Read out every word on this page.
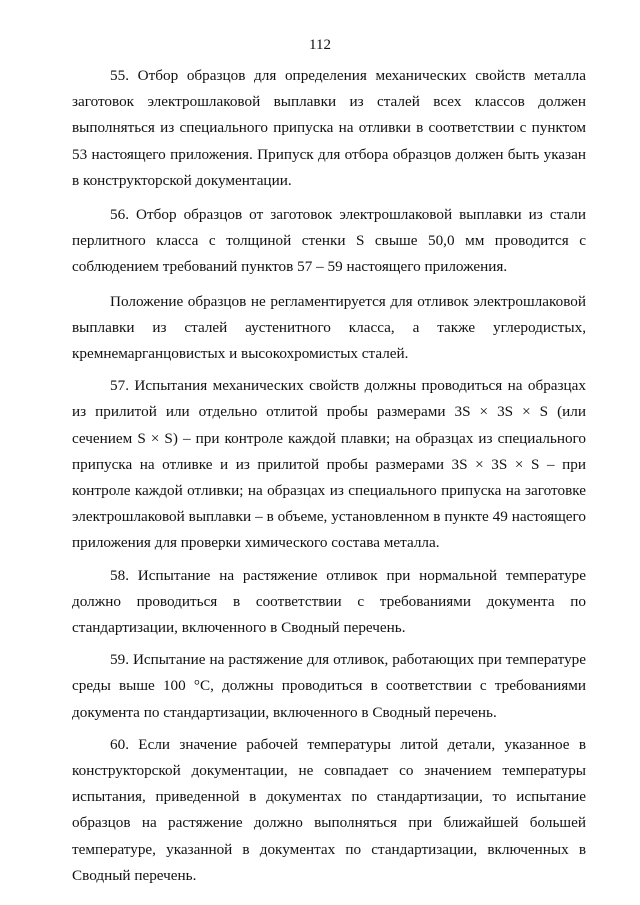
112

55. Отбор образцов для определения механических свойств металла заготовок электрошлаковой выплавки из сталей всех классов должен выполняться из специального припуска на отливки в соответствии с пунктом 53 настоящего приложения. Припуск для отбора образцов должен быть указан в конструкторской документации.

56. Отбор образцов от заготовок электрошлаковой выплавки из стали перлитного класса с толщиной стенки S свыше 50,0 мм проводится с соблюдением требований пунктов 57 – 59 настоящего приложения.

Положение образцов не регламентируется для отливок электрошлаковой выплавки из сталей аустенитного класса, а также углеродистых, кремнемарганцовистых и высокохромистых сталей.

57. Испытания механических свойств должны проводиться на образцах из прилитой или отдельно отлитой пробы размерами 3S × 3S × S (или сечением S × S) – при контроле каждой плавки; на образцах из специального припуска на отливке и из прилитой пробы размерами 3S × 3S × S – при контроле каждой отливки; на образцах из специального припуска на заготовке электрошлаковой выплавки – в объеме, установленном в пункте 49 настоящего приложения для проверки химического состава металла.

58. Испытание на растяжение отливок при нормальной температуре должно проводиться в соответствии с требованиями документа по стандартизации, включенного в Сводный перечень.

59. Испытание на растяжение для отливок, работающих при температуре среды выше 100 °С, должны проводиться в соответствии с требованиями документа по стандартизации, включенного в Сводный перечень.

60. Если значение рабочей температуры литой детали, указанное в конструкторской документации, не совпадает со значением температуры испытания, приведенной в документах по стандартизации, то испытание образцов на растяжение должно выполняться при ближайшей большей температуре, указанной в документах по стандартизации, включенных в Сводный перечень.
